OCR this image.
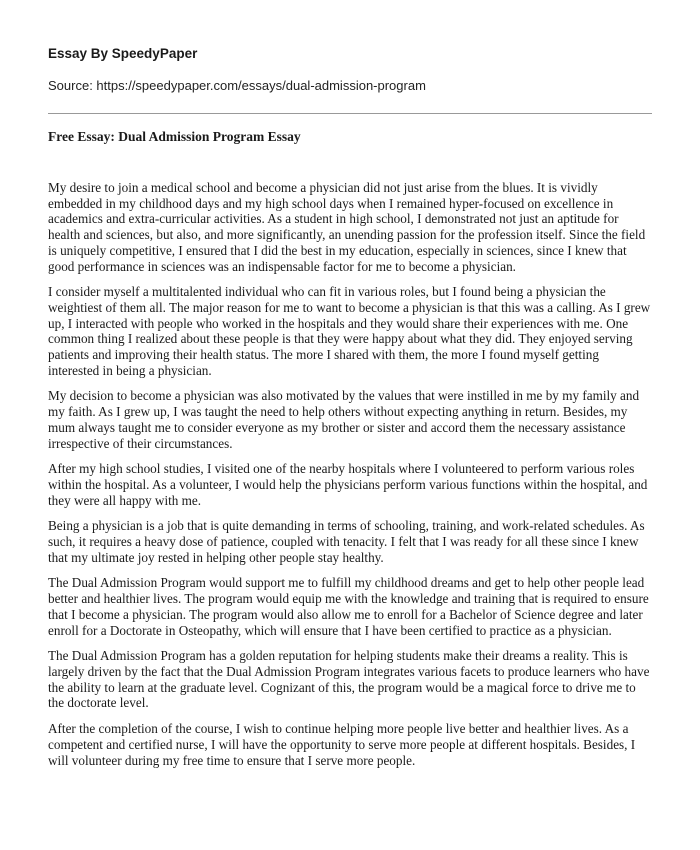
Essay By SpeedyPaper
Source: https://speedypaper.com/essays/dual-admission-program
Free Essay: Dual Admission Program Essay

My desire to join a medical school and become a physician did not just arise from the blues. It is vividly embedded in my childhood days and my high school days when I remained hyper-focused on excellence in academics and extra-curricular activities. As a student in high school, I demonstrated not just an aptitude for health and sciences, but also, and more significantly, an unending passion for the profession itself. Since the field is uniquely competitive, I ensured that I did the best in my education, especially in sciences, since I knew that good performance in sciences was an indispensable factor for me to become a physician.

I consider myself a multitalented individual who can fit in various roles, but I found being a physician the weightiest of them all. The major reason for me to want to become a physician is that this was a calling. As I grew up, I interacted with people who worked in the hospitals and they would share their experiences with me. One common thing I realized about these people is that they were happy about what they did. They enjoyed serving patients and improving their health status. The more I shared with them, the more I found myself getting interested in being a physician.

My decision to become a physician was also motivated by the values that were instilled in me by my family and my faith. As I grew up, I was taught the need to help others without expecting anything in return. Besides, my mum always taught me to consider everyone as my brother or sister and accord them the necessary assistance irrespective of their circumstances.

After my high school studies, I visited one of the nearby hospitals where I volunteered to perform various roles within the hospital. As a volunteer, I would help the physicians perform various functions within the hospital, and they were all happy with me.

Being a physician is a job that is quite demanding in terms of schooling, training, and work-related schedules. As such, it requires a heavy dose of patience, coupled with tenacity. I felt that I was ready for all these since I knew that my ultimate joy rested in helping other people stay healthy.

The Dual Admission Program would support me to fulfill my childhood dreams and get to help other people lead better and healthier lives. The program would equip me with the knowledge and training that is required to ensure that I become a physician. The program would also allow me to enroll for a Bachelor of Science degree and later enroll for a Doctorate in Osteopathy, which will ensure that I have been certified to practice as a physician.

The Dual Admission Program has a golden reputation for helping students make their dreams a reality. This is largely driven by the fact that the Dual Admission Program integrates various facets to produce learners who have the ability to learn at the graduate level. Cognizant of this, the program would be a magical force to drive me to the doctorate level.

After the completion of the course, I wish to continue helping more people live better and healthier lives. As a competent and certified nurse, I will have the opportunity to serve more people at different hospitals. Besides, I will volunteer during my free time to ensure that I serve more people.
